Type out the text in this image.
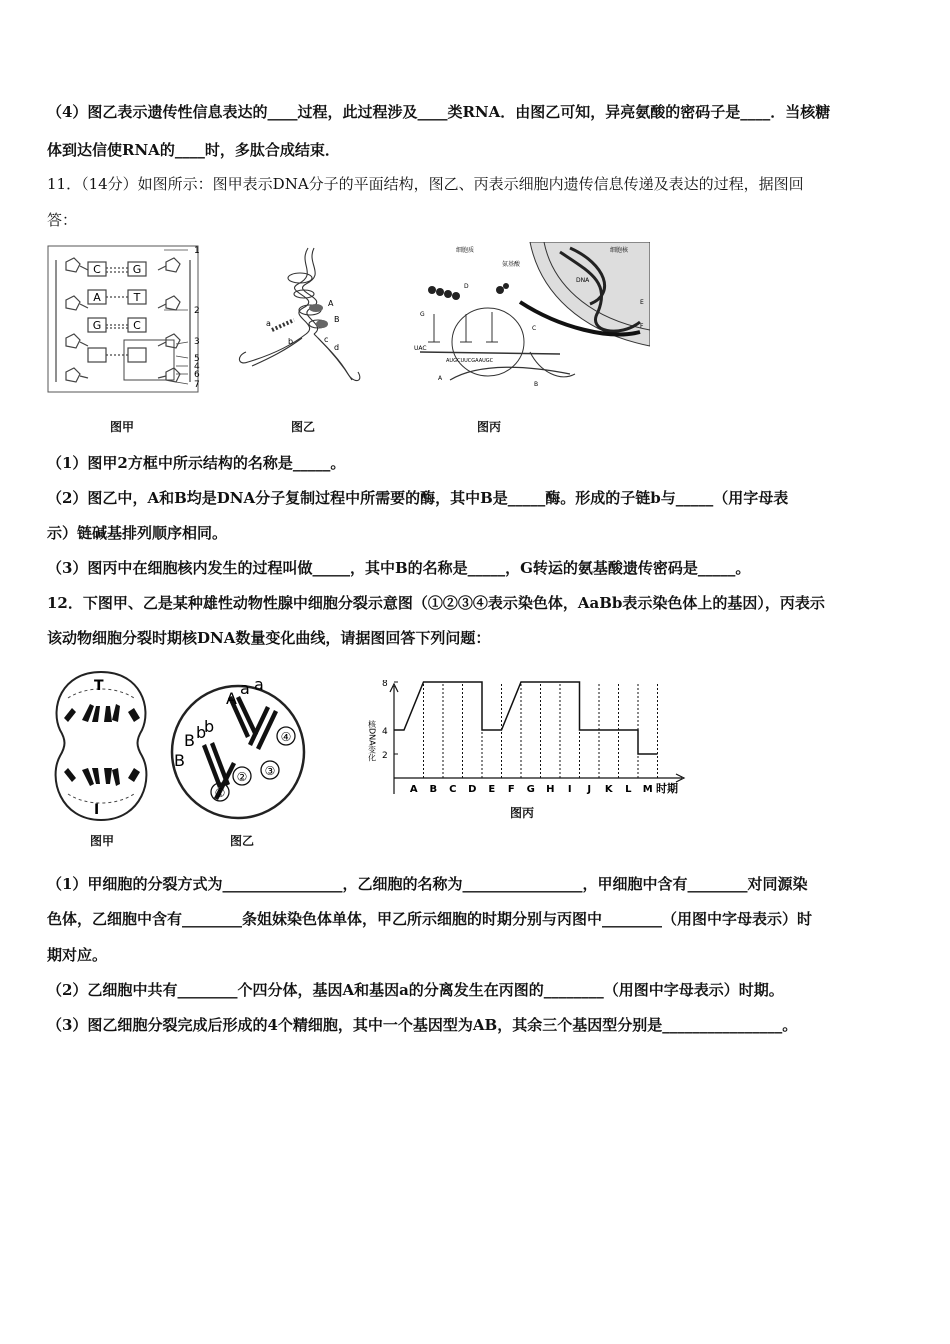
（4）图乙表示遗传性信息表达的____过程，此过程涉及____类RNA．由图乙可知，异亮氨酸的密码子是____．当核糖
体到达信使RNA的____时，多肽合成结束．
11．（14分）如图所示：图甲表示DNA分子的平面结构，图乙、丙表示细胞内遗传信息传递及表达的过程，据图回
答：
C
A
G
G
T
C
1
2
3
5
4
6
7
图甲
A
B
a
b	c
d
图乙
细胞质
氨基酸
细胞核
DNA
D
G
C
E
F
A
B
UAC
AUGCUUCGAAUGC
图丙
（1）图甲2方框中所示结构的名称是_____。
（2）图乙中，A和B均是DNA分子复制过程中所需要的酶，其中B是_____酶。形成的子链b与_____（用字母表
示）链碱基排列顺序相同。
（3）图丙中在细胞核内发生的过程叫做_____，其中B的名称是_____，G转运的氨基酸遗传密码是_____。
12．下图甲、乙是某种雄性动物性腺中细胞分裂示意图（①②③④表示染色体，AaBb表示染色体上的基因），丙表示
该动物细胞分裂时期核DNA数量变化曲线，请据图回答下列问题：
T
I
图甲
A
a a
B b
b
B
①
② ③
④
图乙
2
4
8
A B C D E F G H I J K L M
核DNA变化
时期
图丙
（1）甲细胞的分裂方式为________________，乙细胞的名称为________________，甲细胞中含有________对同源染
色体，乙细胞中含有________条姐妹染色体单体，甲乙所示细胞的时期分别与丙图中________（用图中字母表示）时
期对应。
（2）乙细胞中共有________个四分体，基因A和基因a的分离发生在丙图的________（用图中字母表示）时期。
（3）图乙细胞分裂完成后形成的4个精细胞，其中一个基因型为AB，其余三个基因型分别是________________。
